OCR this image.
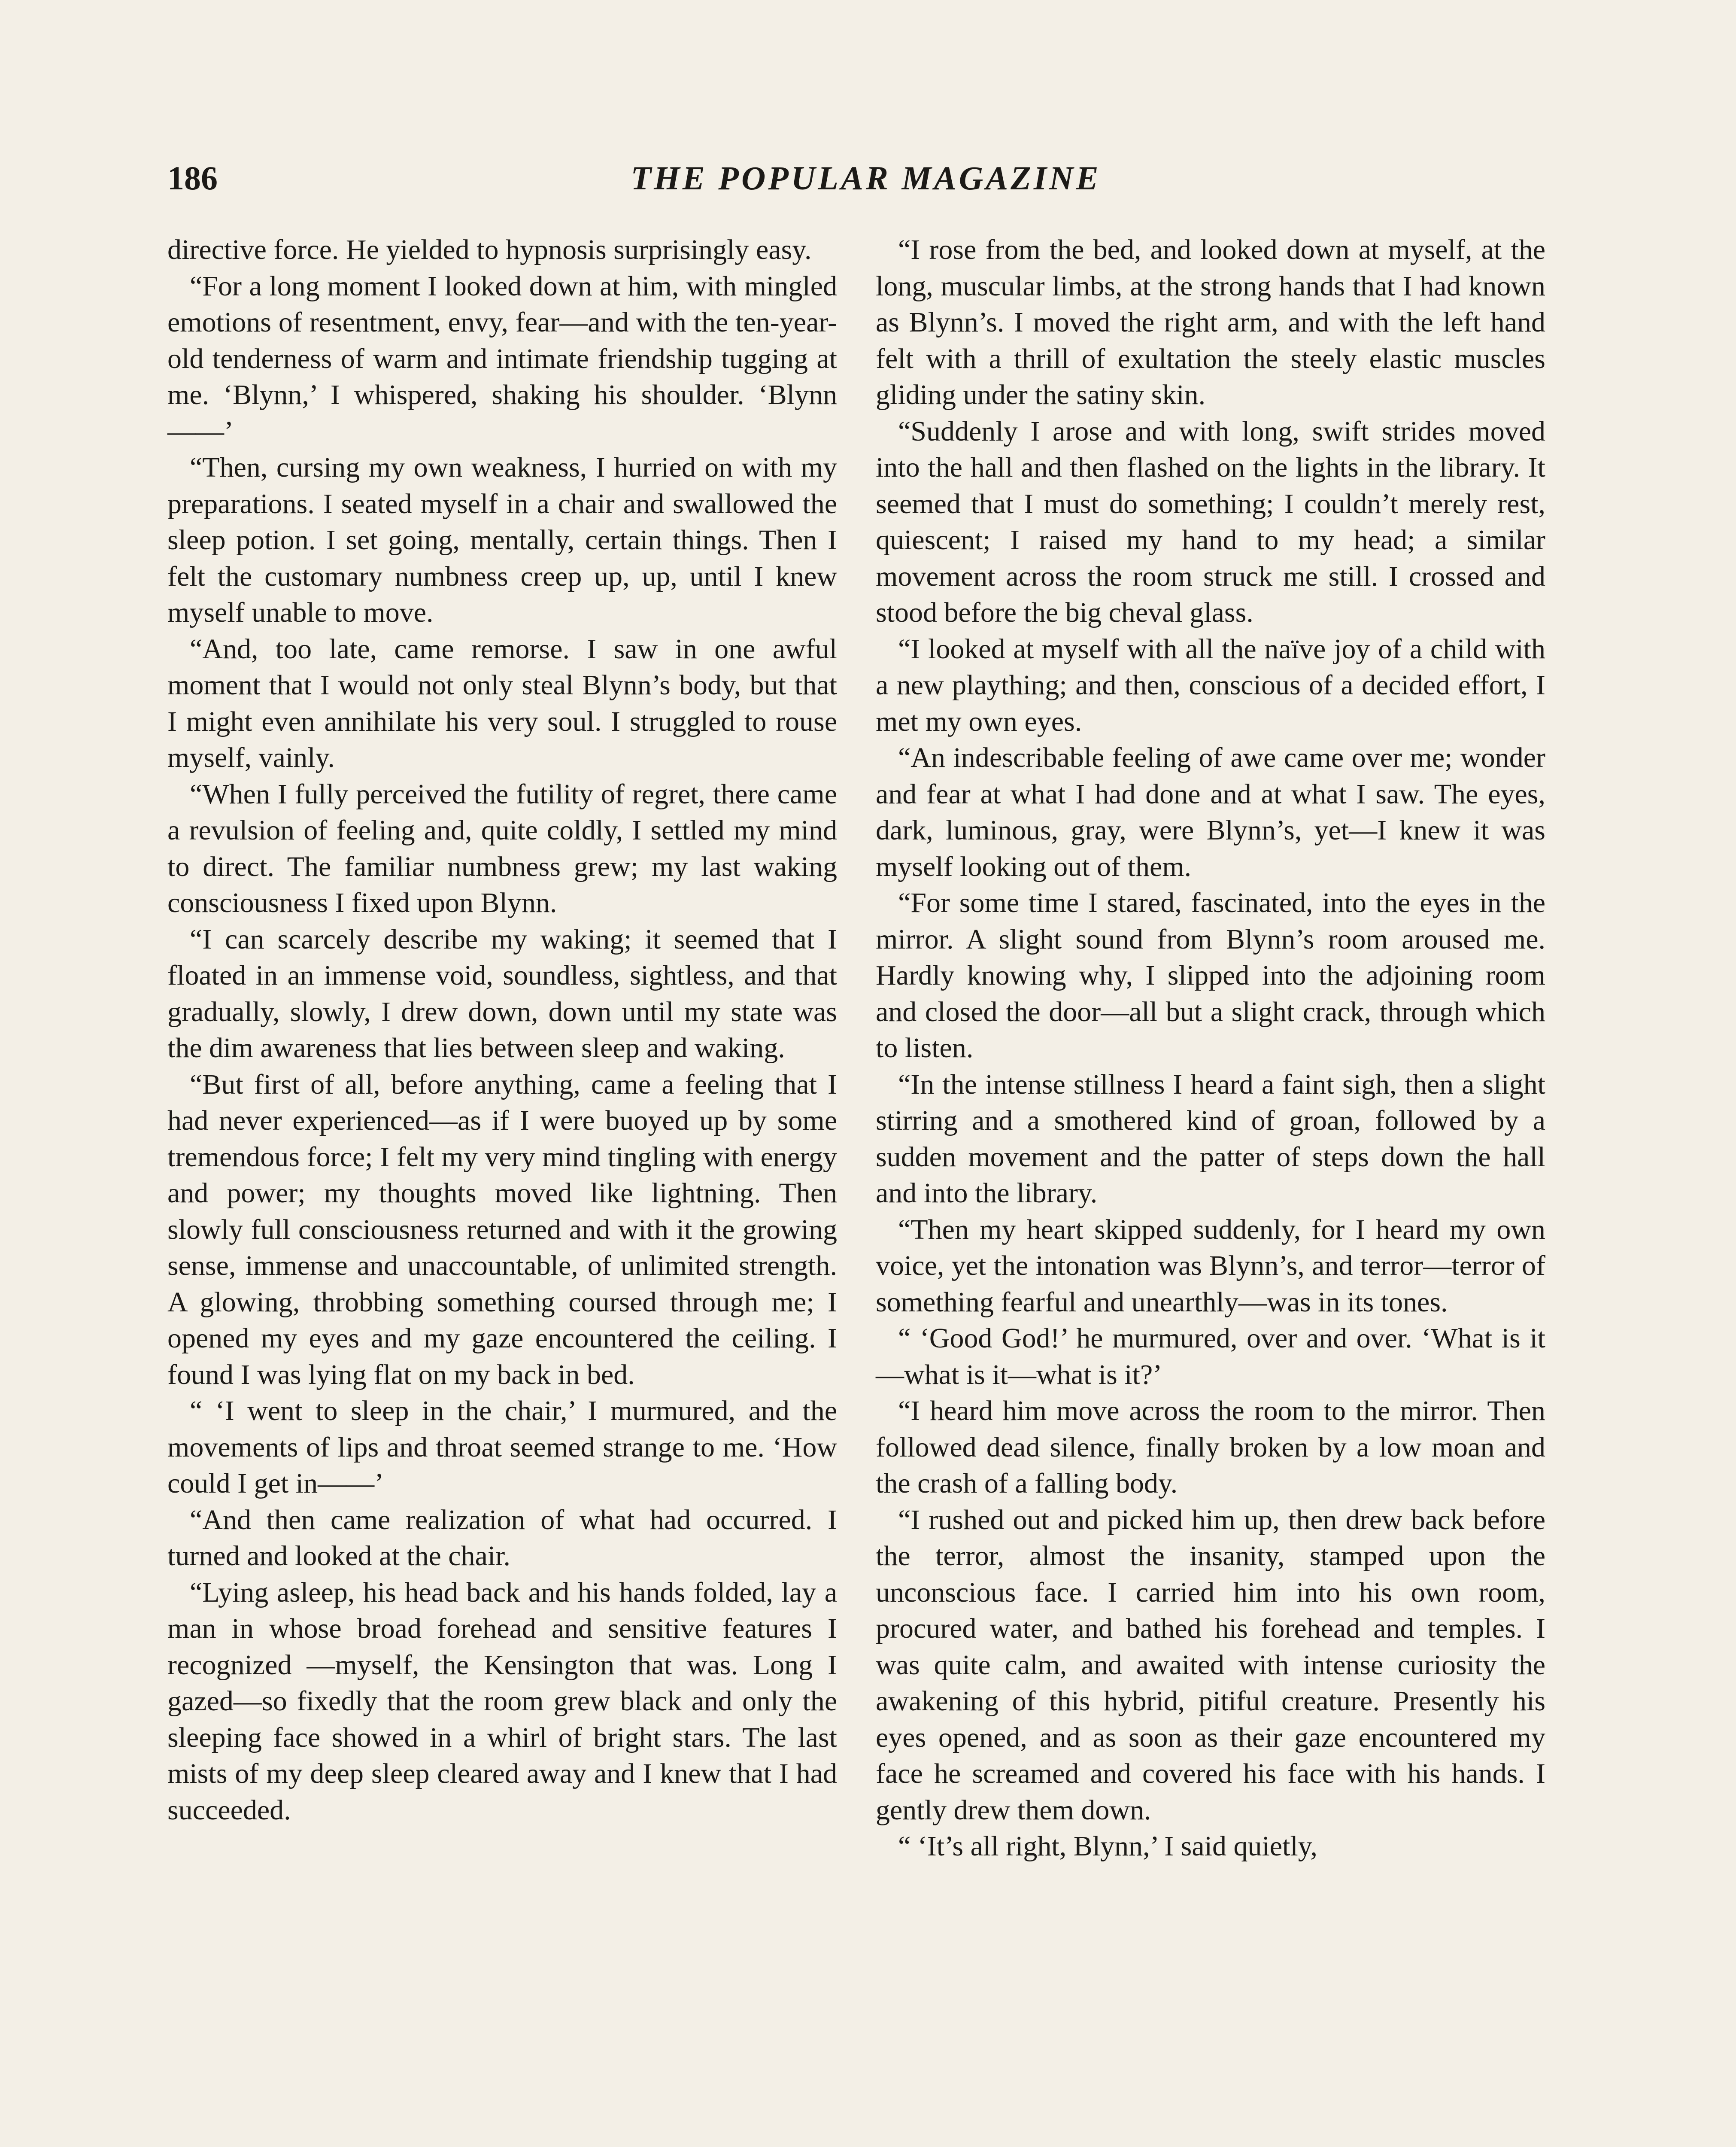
186	THE POPULAR MAGAZINE

directive force. He yielded to hypnosis surprisingly easy.

“For a long moment I looked down at him, with mingled emotions of resentment, envy, fear—and with the ten-year-old tenderness of warm and intimate friendship tugging at me. ‘Blynn,’ I whispered, shaking his shoulder. ‘Blynn——’

“Then, cursing my own weakness, I hurried on with my preparations. I seated myself in a chair and swallowed the sleep potion. I set going, mentally, certain things. Then I felt the customary numbness creep up, up, until I knew myself unable to move.

“And, too late, came remorse. I saw in one awful moment that I would not only steal Blynn’s body, but that I might even annihilate his very soul. I struggled to rouse myself, vainly.

“When I fully perceived the futility of regret, there came a revulsion of feeling and, quite coldly, I settled my mind to direct. The familiar numbness grew; my last waking consciousness I fixed upon Blynn.

“I can scarcely describe my waking; it seemed that I floated in an immense void, soundless, sightless, and that gradually, slowly, I drew down, down until my state was the dim awareness that lies between sleep and waking.

“But first of all, before anything, came a feeling that I had never experienced—as if I were buoyed up by some tremendous force; I felt my very mind tingling with energy and power; my thoughts moved like lightning. Then slowly full consciousness returned and with it the growing sense, immense and unaccountable, of unlimited strength. A glowing, throbbing something coursed through me; I opened my eyes and my gaze encountered the ceiling. I found I was lying flat on my back in bed.

“ ‘I went to sleep in the chair,’ I murmured, and the movements of lips and throat seemed strange to me. ‘How could I get in——’

“And then came realization of what had occurred. I turned and looked at the chair.

“Lying asleep, his head back and his hands folded, lay a man in whose broad forehead and sensitive features I recognized —myself, the Kensington that was. Long I gazed—so fixedly that the room grew black and only the sleeping face showed in a whirl of bright stars. The last mists of my deep sleep cleared away and I knew that I had succeeded.

“I rose from the bed, and looked down at myself, at the long, muscular limbs, at the strong hands that I had known as Blynn’s. I moved the right arm, and with the left hand felt with a thrill of exultation the steely elastic muscles gliding under the satiny skin.

“Suddenly I arose and with long, swift strides moved into the hall and then flashed on the lights in the library. It seemed that I must do something; I couldn’t merely rest, quiescent; I raised my hand to my head; a similar movement across the room struck me still. I crossed and stood before the big cheval glass.

“I looked at myself with all the naïve joy of a child with a new plaything; and then, conscious of a decided effort, I met my own eyes.

“An indescribable feeling of awe came over me; wonder and fear at what I had done and at what I saw. The eyes, dark, luminous, gray, were Blynn’s, yet—I knew it was myself looking out of them.

“For some time I stared, fascinated, into the eyes in the mirror. A slight sound from Blynn’s room aroused me. Hardly knowing why, I slipped into the adjoining room and closed the door—all but a slight crack, through which to listen.

“In the intense stillness I heard a faint sigh, then a slight stirring and a smothered kind of groan, followed by a sudden movement and the patter of steps down the hall and into the library.

“Then my heart skipped suddenly, for I heard my own voice, yet the intonation was Blynn’s, and terror—terror of something fearful and unearthly—was in its tones.

“ ‘Good God!’ he murmured, over and over. ‘What is it—what is it—what is it?’

“I heard him move across the room to the mirror. Then followed dead silence, finally broken by a low moan and the crash of a falling body.

“I rushed out and picked him up, then drew back before the terror, almost the insanity, stamped upon the unconscious face. I carried him into his own room, procured water, and bathed his forehead and temples. I was quite calm, and awaited with intense curiosity the awakening of this hybrid, pitiful creature. Presently his eyes opened, and as soon as their gaze encountered my face he screamed and covered his face with his hands. I gently drew them down.

“ ‘It’s all right, Blynn,’ I said quietly,
